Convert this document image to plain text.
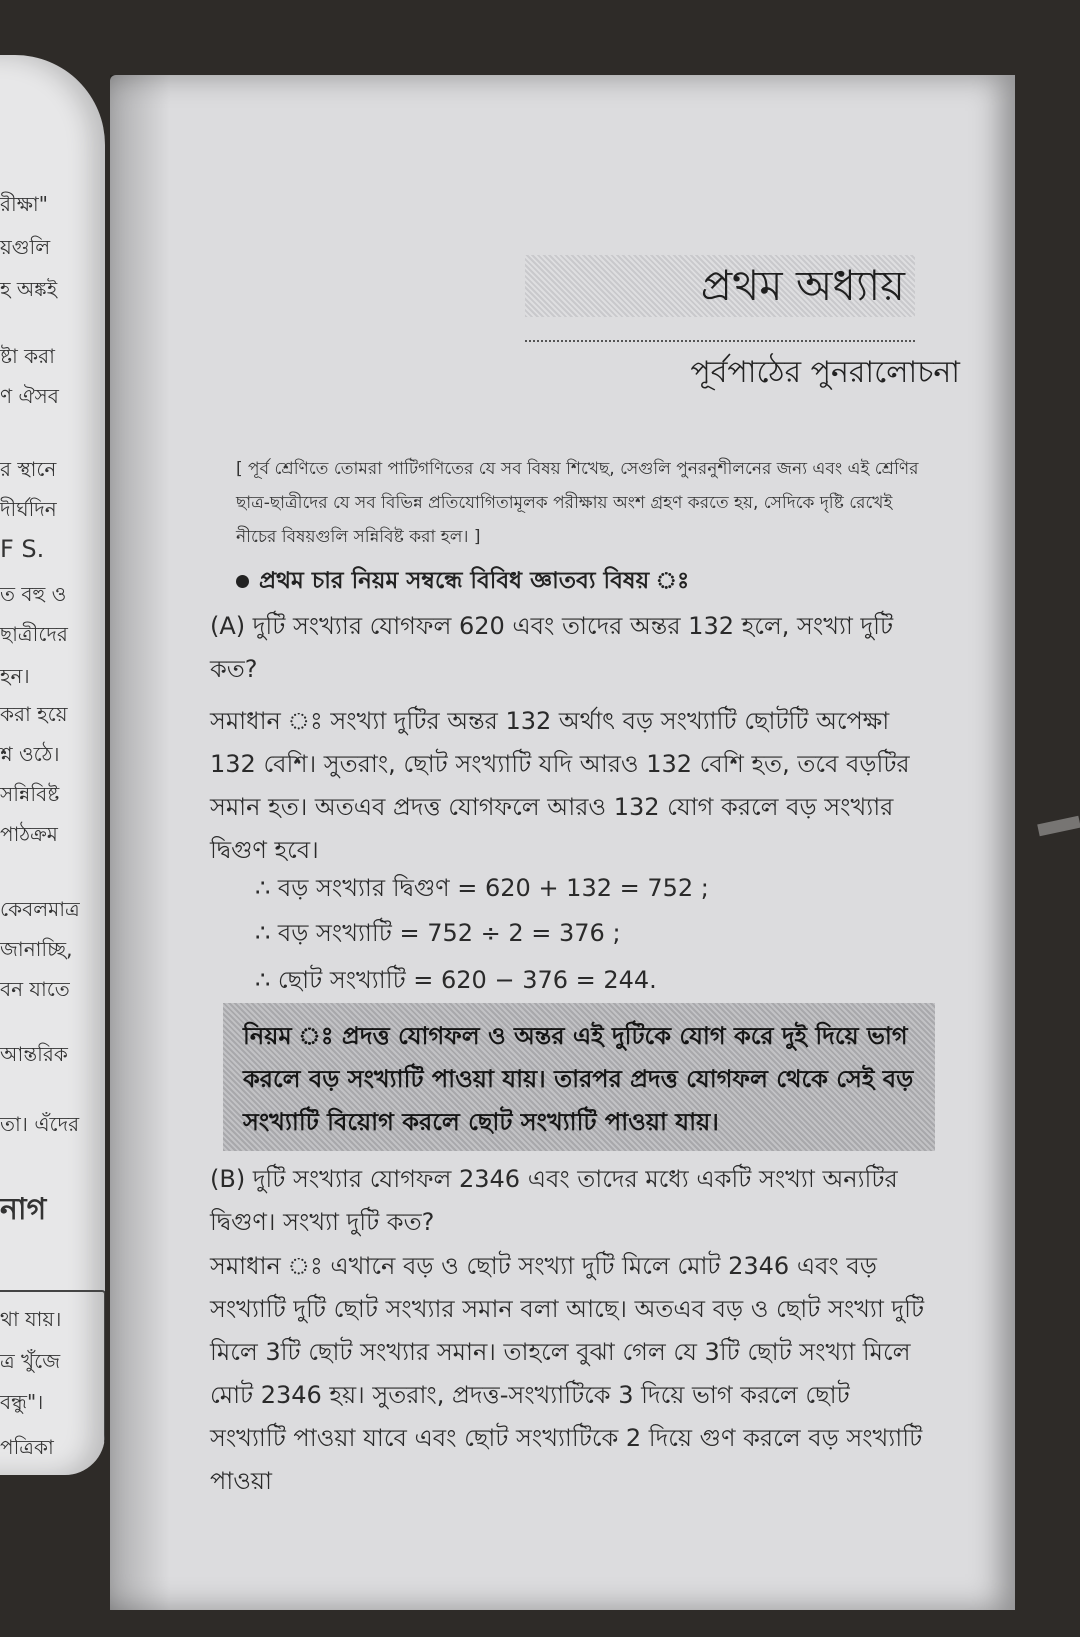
রীক্ষা"
য়গুলি
হ অঙ্কই
ষ্টা করা
ণ ঐসব
র স্থানে
দীর্ঘদিন
F S.
ত বহু ও
ছাত্রীদের
হন।
করা হয়ে
শ্ন ওঠে।
সন্নিবিষ্ট
পাঠক্রম
কেবলমাত্র
জানাচ্ছি,
বন যাতে
আন্তরিক
তা। এঁদের
নাগ
থা যায়।
ত্র খুঁজে
বন্ধু"।
পত্রিকা
প্রথম অধ্যায়
পূর্বপাঠের পুনরালোচনা
[ পূর্ব শ্রেণিতে তোমরা পাটিগণিতের যে সব বিষয় শিখেছ, সেগুলি পুনরনুশীলনের জন্য এবং এই শ্রেণির ছাত্র-ছাত্রীদের যে সব বিভিন্ন প্রতিযোগিতামূলক পরীক্ষায় অংশ গ্রহণ করতে হয়, সেদিকে দৃষ্টি রেখেই নীচের বিষয়গুলি সন্নিবিষ্ট করা হল। ]
প্রথম চার নিয়ম সম্বন্ধে বিবিধ জ্ঞাতব্য বিষয় ঃ
(A) দুটি সংখ্যার যোগফল 620 এবং তাদের অন্তর 132 হলে, সংখ্যা দুটি কত?
সমাধান ঃ সংখ্যা দুটির অন্তর 132 অর্থাৎ বড় সংখ্যাটি ছোটটি অপেক্ষা 132 বেশি। সুতরাং, ছোট সংখ্যাটি যদি আরও 132 বেশি হত, তবে বড়টির সমান হত। অতএব প্রদত্ত যোগফলে আরও 132 যোগ করলে বড় সংখ্যার দ্বিগুণ হবে।
∴ বড় সংখ্যার দ্বিগুণ = 620 + 132 = 752 ;
∴ বড় সংখ্যাটি = 752 ÷ 2 = 376 ;
∴ ছোট সংখ্যাটি = 620 − 376 = 244.
নিয়ম ঃ প্রদত্ত যোগফল ও অন্তর এই দুটিকে যোগ করে দুই দিয়ে ভাগ করলে বড় সংখ্যাটি পাওয়া যায়। তারপর প্রদত্ত যোগফল থেকে সেই বড় সংখ্যাটি বিয়োগ করলে ছোট সংখ্যাটি পাওয়া যায়।
(B) দুটি সংখ্যার যোগফল 2346 এবং তাদের মধ্যে একটি সংখ্যা অন্যটির দ্বিগুণ। সংখ্যা দুটি কত?
সমাধান ঃ এখানে বড় ও ছোট সংখ্যা দুটি মিলে মোট 2346 এবং বড় সংখ্যাটি দুটি ছোট সংখ্যার সমান বলা আছে। অতএব বড় ও ছোট সংখ্যা দুটি মিলে 3টি ছোট সংখ্যার সমান। তাহলে বুঝা গেল যে 3টি ছোট সংখ্যা মিলে মোট 2346 হয়। সুতরাং, প্রদত্ত-সংখ্যাটিকে 3 দিয়ে ভাগ করলে ছোট সংখ্যাটি পাওয়া যাবে এবং ছোট সংখ্যাটিকে 2 দিয়ে গুণ করলে বড় সংখ্যাটি পাওয়া
